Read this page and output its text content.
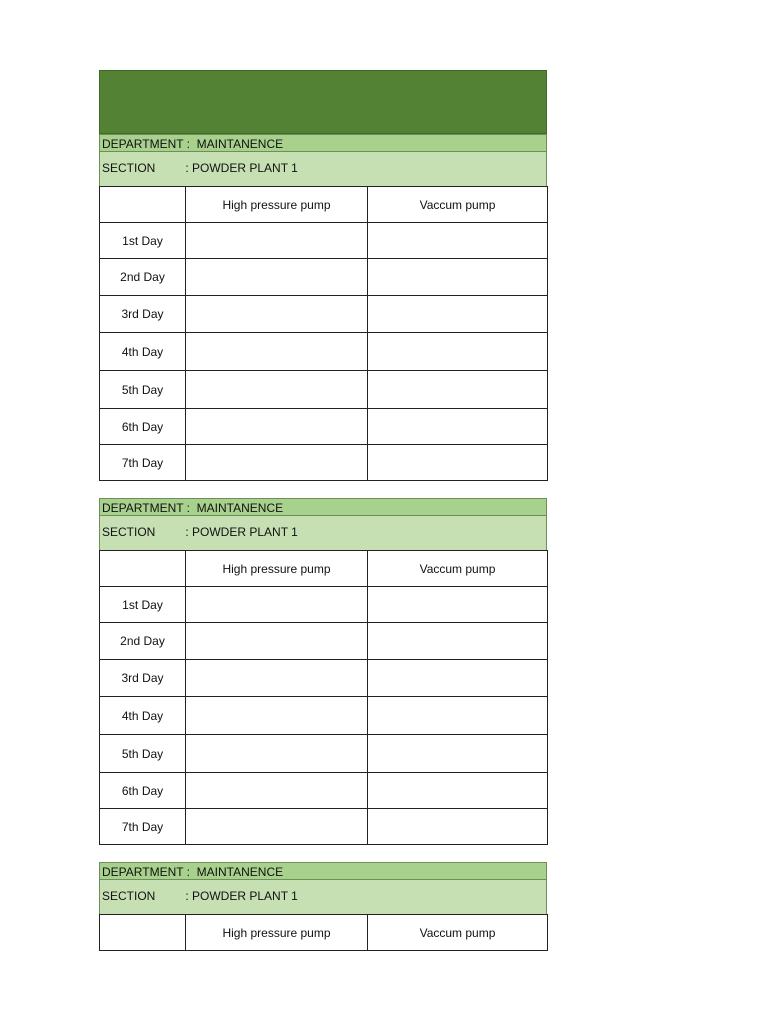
DEPARTMENT :  MAINTANENCE
SECTION         : POWDER PLANT 1
	High pressure pump	Vaccum pump
1st Day		
2nd Day		
3rd Day		
4th Day		
5th Day		
6th Day		
7th Day		
DEPARTMENT :  MAINTANENCE
SECTION         : POWDER PLANT 1
	High pressure pump	Vaccum pump
1st Day		
2nd Day		
3rd Day		
4th Day		
5th Day		
6th Day		
7th Day		
DEPARTMENT :  MAINTANENCE
SECTION         : POWDER PLANT 1
	High pressure pump	Vaccum pump
